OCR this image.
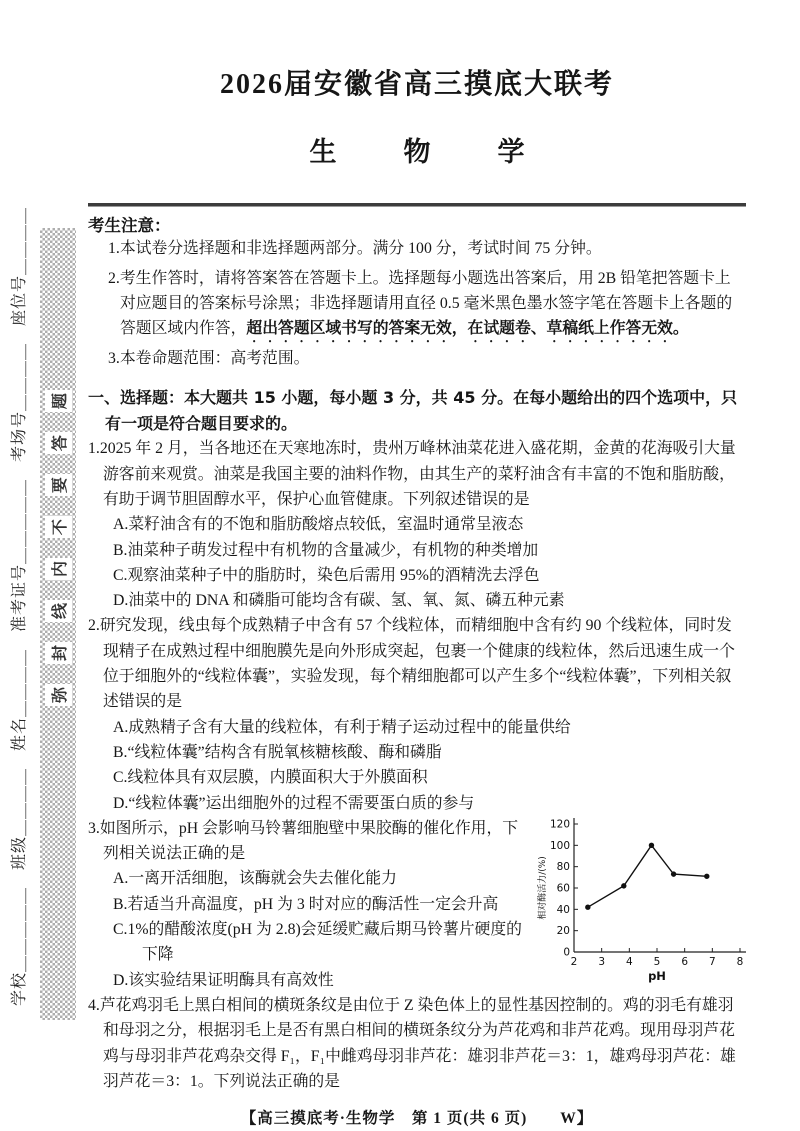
学校＿＿＿＿＿　班级＿＿＿＿　姓名＿＿＿＿　准考证号＿＿＿＿＿　考场号＿＿＿＿　座位号＿＿＿＿	弥
封
线
内
不
要
答
题
2026届安徽省高三摸底大联考
生　物　学
考生注意：
1.本试卷分选择题和非选择题两部分。满分 100 分，考试时间 75 分钟。
2.考生作答时，请将答案答在答题卡上。选择题每小题选出答案后，用 2B 铅笔把答题卡上对应题目的答案标号涂黑；非选择题请用直径 0.5 毫米黑色墨水签字笔在答题卡上各题的答题区域内作答，超出答题区域书写的答案无效，在试题卷、草稿纸上作答无效。
3.本卷命题范围：高考范围。
一、选择题：本大题共 15 小题，每小题 3 分，共 45 分。在每小题给出的四个选项中，只有一项是符合题目要求的。
1.2025 年 2 月，当各地还在天寒地冻时，贵州万峰林油菜花进入盛花期，金黄的花海吸引大量游客前来观赏。油菜是我国主要的油料作物，由其生产的菜籽油含有丰富的不饱和脂肪酸，有助于调节胆固醇水平，保护心血管健康。下列叙述错误的是
A.菜籽油含有的不饱和脂肪酸熔点较低，室温时通常呈液态
B.油菜种子萌发过程中有机物的含量减少，有机物的种类增加
C.观察油菜种子中的脂肪时，染色后需用 95%的酒精洗去浮色
D.油菜中的 DNA 和磷脂可能均含有碳、氢、氧、氮、磷五种元素
2.研究发现，线虫每个成熟精子中含有 57 个线粒体，而精细胞中含有约 90 个线粒体，同时发现精子在成熟过程中细胞膜先是向外形成突起，包裹一个健康的线粒体，然后迅速生成一个位于细胞外的“线粒体囊”，实验发现，每个精细胞都可以产生多个“线粒体囊”，下列相关叙述错误的是
A.成熟精子含有大量的线粒体，有利于精子运动过程中的能量供给
B.“线粒体囊”结构含有脱氧核糖核酸、酶和磷脂
C.线粒体具有双层膜，内膜面积大于外膜面积
D.“线粒体囊”运出细胞外的过程不需要蛋白质的参与
2 3 4 5 6 7 8
0
20
40
60
80
100
120
pH
相对酶活力/(%)
3.如图所示，pH 会影响马铃薯细胞壁中果胶酶的催化作用，下列相关说法正确的是
A.一离开活细胞，该酶就会失去催化能力
B.若适当升高温度，pH 为 3 时对应的酶活性一定会升高
C.1%的醋酸浓度(pH 为 2.8)会延缓贮藏后期马铃薯片硬度的下降
D.该实验结果证明酶具有高效性
4.芦花鸡羽毛上黑白相间的横斑条纹是由位于 Z 染色体上的显性基因控制的。鸡的羽毛有雄羽和母羽之分，根据羽毛上是否有黑白相间的横斑条纹分为芦花鸡和非芦花鸡。现用母羽芦花鸡与母羽非芦花鸡杂交得 F₁，F₁中雌鸡母羽非芦花：雄羽非芦花＝3：1，雄鸡母羽芦花：雄羽芦花＝3：1。下列说法正确的是
【高三摸底考·生物学　第 1 页(共 6 页)　　W】
